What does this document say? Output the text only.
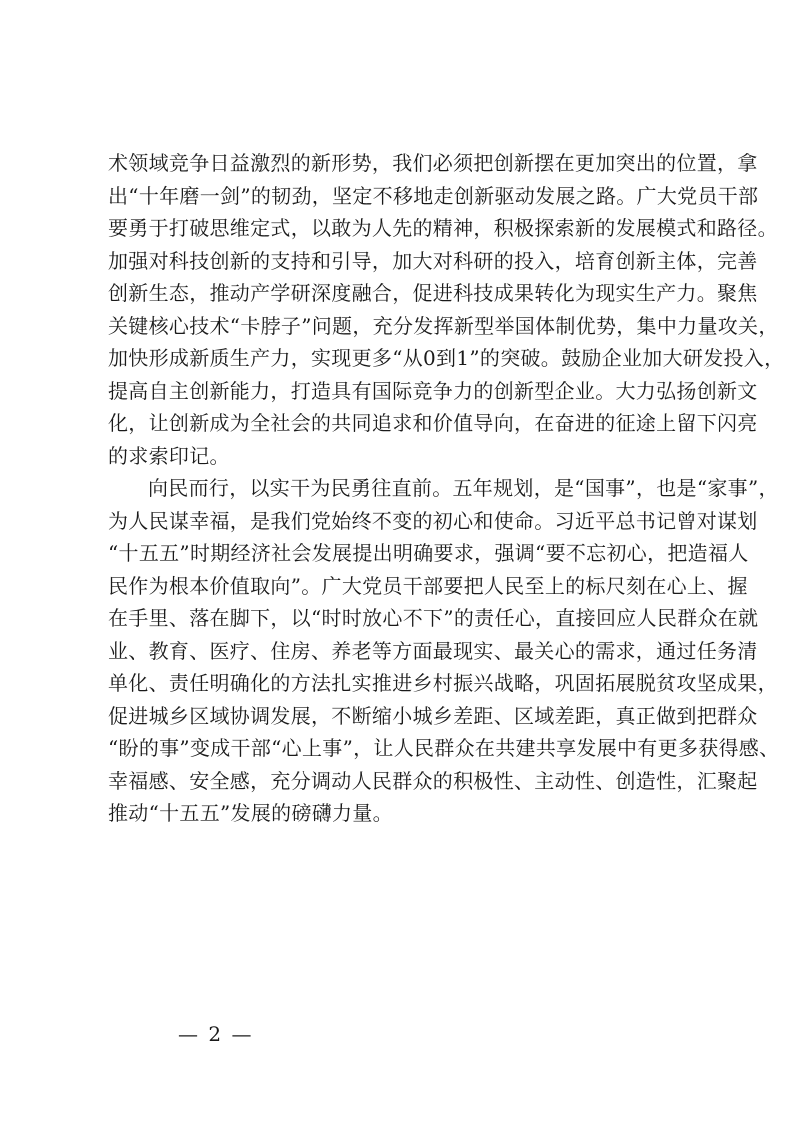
术领域竞争日益激烈的新形势，我们必须把创新摆在更加突出的位置，拿
出“十年磨一剑”的韧劲，坚定不移地走创新驱动发展之路。广大党员干部
要勇于打破思维定式，以敢为人先的精神，积极探索新的发展模式和路径。
加强对科技创新的支持和引导，加大对科研的投入，培育创新主体，完善
创新生态，推动产学研深度融合，促进科技成果转化为现实生产力。聚焦
关键核心技术“卡脖子”问题，充分发挥新型举国体制优势，集中力量攻关，
加快形成新质生产力，实现更多“从0到1”的突破。鼓励企业加大研发投入，
提高自主创新能力，打造具有国际竞争力的创新型企业。大力弘扬创新文
化，让创新成为全社会的共同追求和价值导向，在奋进的征途上留下闪亮
的求索印记。
向民而行，以实干为民勇往直前。五年规划，是“国事”，也是“家事”，
为人民谋幸福，是我们党始终不变的初心和使命。习近平总书记曾对谋划
“十五五”时期经济社会发展提出明确要求，强调“要不忘初心，把造福人
民作为根本价值取向”。广大党员干部要把人民至上的标尺刻在心上、握
在手里、落在脚下，以“时时放心不下”的责任心，直接回应人民群众在就
业、教育、医疗、住房、养老等方面最现实、最关心的需求，通过任务清
单化、责任明确化的方法扎实推进乡村振兴战略，巩固拓展脱贫攻坚成果，
促进城乡区域协调发展，不断缩小城乡差距、区域差距，真正做到把群众
“盼的事”变成干部“心上事”，让人民群众在共建共享发展中有更多获得感、
幸福感、安全感，充分调动人民群众的积极性、主动性、创造性，汇聚起
推动“十五五”发展的磅礴力量。
— 2 —
